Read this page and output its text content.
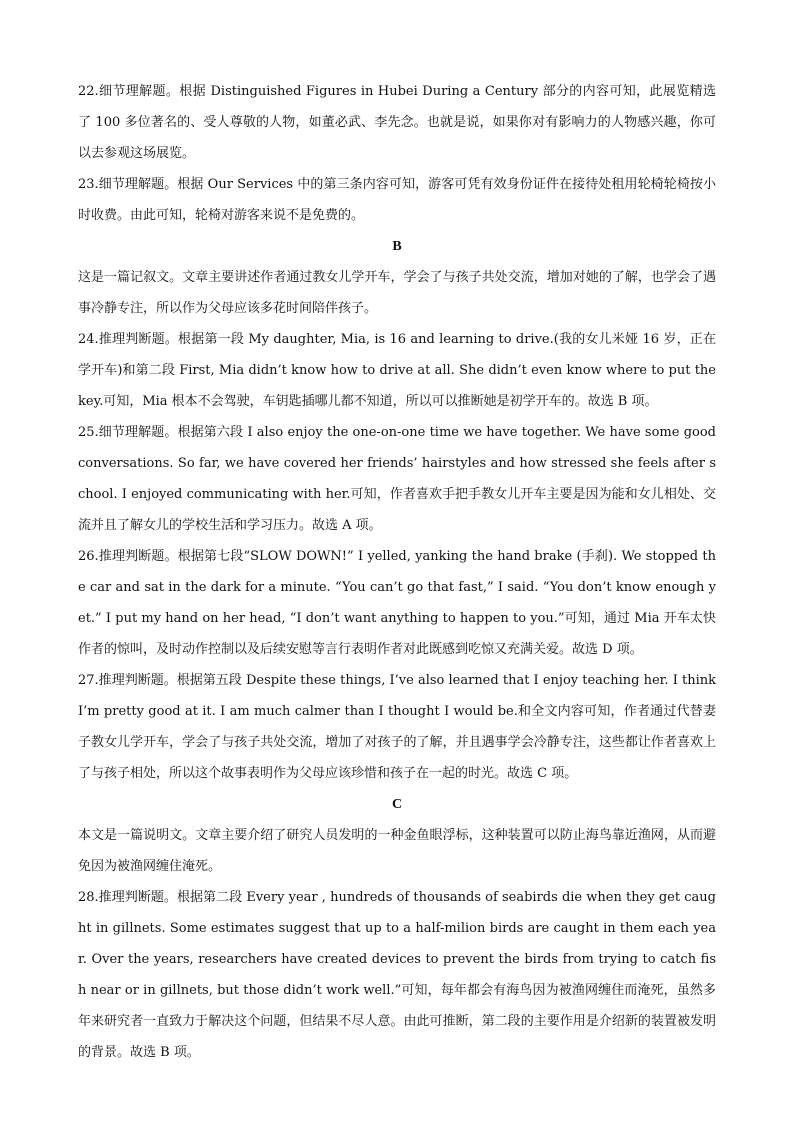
22.细节理解题。根据 Distinguished Figures in Hubei During a Century 部分的内容可知，此展览精选了 100 多位著名的、受人尊敬的人物，如董必武、李先念。也就是说，如果你对有影响力的人物感兴趣，你可以去参观这场展览。

23.细节理解题。根据 Our Services 中的第三条内容可知，游客可凭有效身份证件在接待处租用轮椅轮椅按小时收费。由此可知，轮椅对游客来说不是免费的。

B

这是一篇记叙文。文章主要讲述作者通过教女儿学开车，学会了与孩子共处交流，增加对她的了解，也学会了遇事冷静专注，所以作为父母应该多花时间陪伴孩子。

24.推理判断题。根据第一段 My daughter, Mia, is 16 and learning to drive.(我的女儿米娅 16 岁，正在学开车)和第二段 First, Mia didn’t know how to drive at all. She didn’t even know where to put the key.可知，Mia 根本不会驾驶，车钥匙插哪儿都不知道，所以可以推断她是初学开车的。故选 B 项。

25.细节理解题。根据第六段 I also enjoy the one-on-one time we have together. We have some good conversations. So far, we have covered her friends’ hairstyles and how stressed she feels after school. I enjoyed communicating with her.可知，作者喜欢手把手教女儿开车主要是因为能和女儿相处、交流并且了解女儿的学校生活和学习压力。故选 A 项。

26.推理判断题。根据第七段“SLOW DOWN!” I yelled, yanking the hand brake (手刹). We stopped the car and sat in the dark for a minute. “You can’t go that fast,” I said. “You don’t know enough yet.” I put my hand on her head, “I don’t want anything to happen to you.”可知，通过 Mia 开车太快作者的惊叫，及时动作控制以及后续安慰等言行表明作者对此既感到吃惊又充满关爱。故选 D 项。

27.推理判断题。根据第五段 Despite these things, I’ve also learned that I enjoy teaching her. I think I’m pretty good at it. I am much calmer than I thought I would be.和全文内容可知，作者通过代替妻子教女儿学开车，学会了与孩子共处交流，增加了对孩子的了解，并且遇事学会冷静专注，这些都让作者喜欢上了与孩子相处，所以这个故事表明作为父母应该珍惜和孩子在一起的时光。故选 C 项。

C

本文是一篇说明文。文章主要介绍了研究人员发明的一种金鱼眼浮标，这种装置可以防止海鸟靠近渔网，从而避免因为被渔网缠住淹死。

28.推理判断题。根据第二段 Every year , hundreds of thousands of seabirds die when they get caught in gillnets. Some estimates suggest that up to a half-milion birds are caught in them each year. Over the years, researchers have created devices to prevent the birds from trying to catch fish near or in gillnets, but those didn’t work well.”可知，每年都会有海鸟因为被渔网缠住而淹死，虽然多年来研究者一直致力于解决这个问题，但结果不尽人意。由此可推断，第二段的主要作用是介绍新的装置被发明的背景。故选 B 项。
